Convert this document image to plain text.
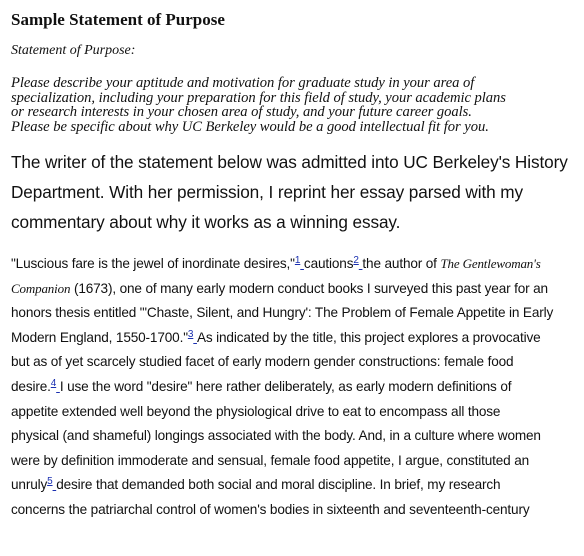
Sample Statement of Purpose
Statement of Purpose:
Please describe your aptitude and motivation for graduate study in your area of
specialization, including your preparation for this field of study, your academic plans
or research interests in your chosen area of study, and your future career goals.
Please be specific about why UC Berkeley would be a good intellectual fit for you.
The writer of the statement below was admitted into UC Berkeley's History
Department. With her permission, I reprint her essay parsed with my
commentary about why it works as a winning essay.
"Luscious fare is the jewel of inordinate desires,"$^1$ cautions$^2$ the author of The Gentlewoman's
Companion (1673), one of many early modern conduct books I surveyed this past year for an
honors thesis entitled "'Chaste, Silent, and Hungry': The Problem of Female Appetite in Early
Modern England, 1550-1700."$^3$ As indicated by the title, this project explores a provocative
but as of yet scarcely studied facet of early modern gender constructions: female food
desire.$^4$ I use the word "desire" here rather deliberately, as early modern definitions of
appetite extended well beyond the physiological drive to eat to encompass all those
physical (and shameful) longings associated with the body. And, in a culture where women
were by definition immoderate and sensual, female food appetite, I argue, constituted an
unruly$^5$ desire that demanded both social and moral discipline. In brief, my research
concerns the patriarchal control of women's bodies in sixteenth and seventeenth-century
